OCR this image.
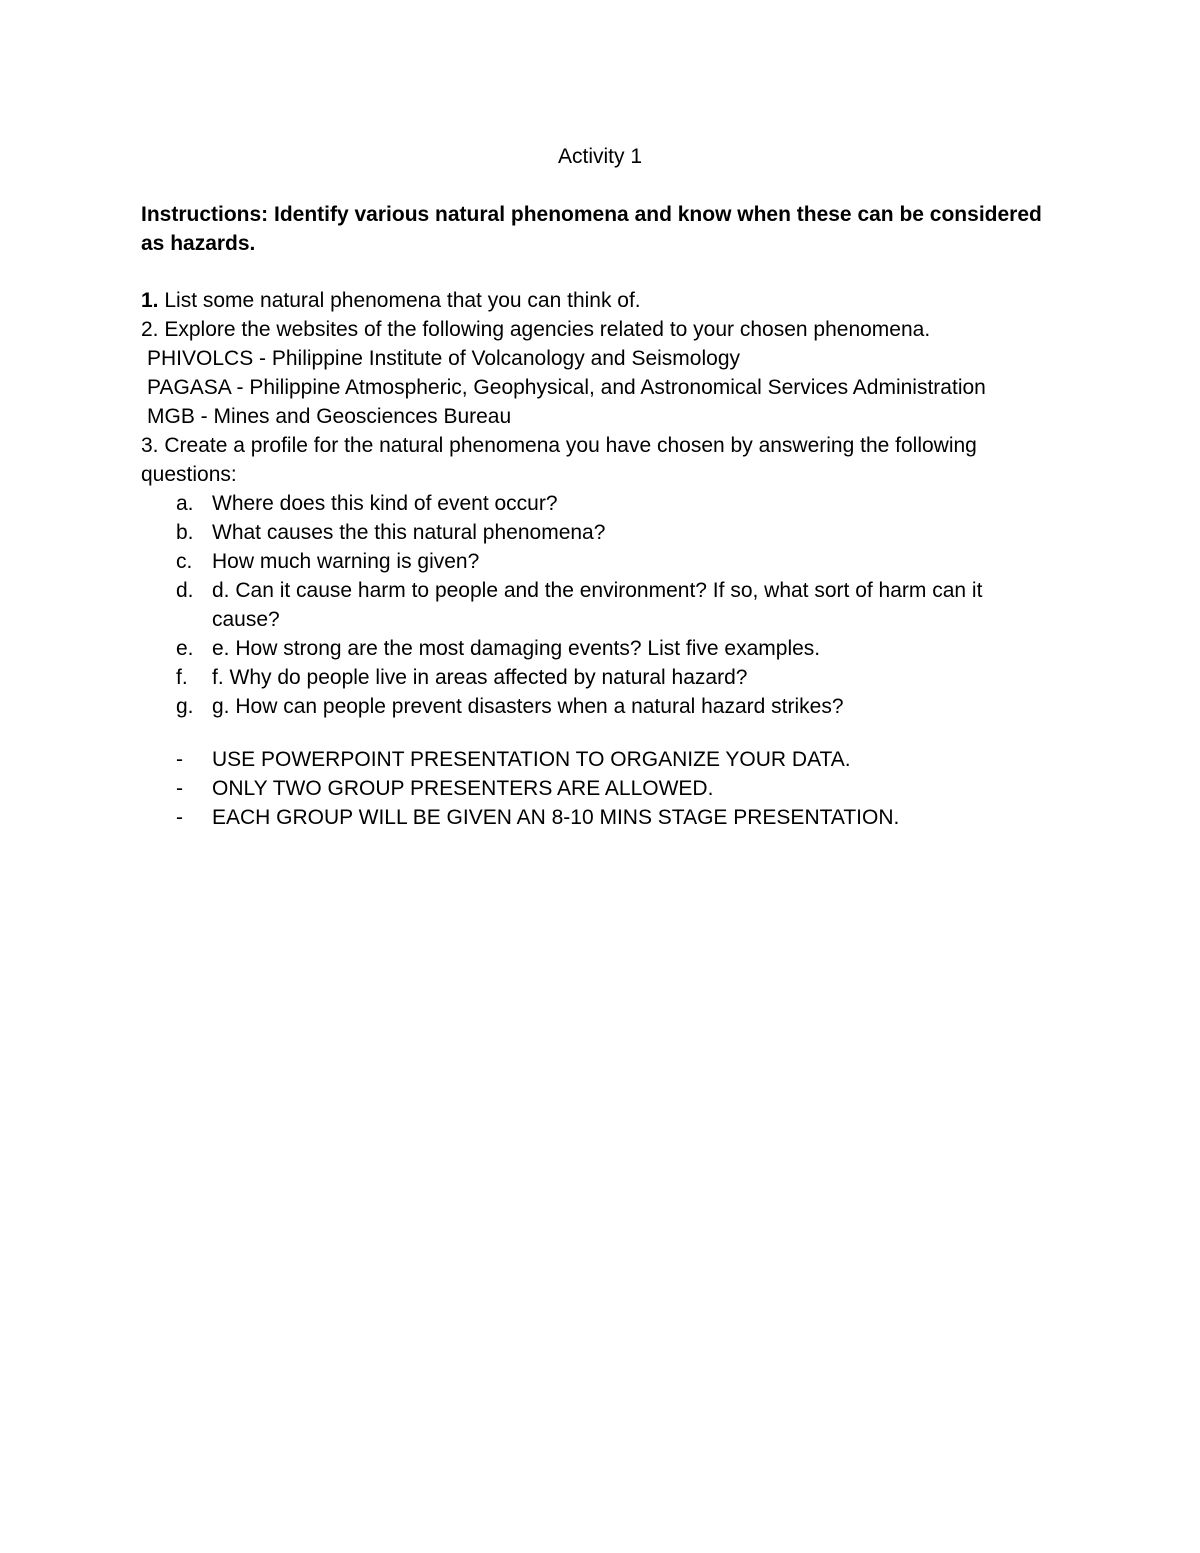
Activity 1

Instructions: Identify various natural phenomena and know when these can be considered as hazards.

1. List some natural phenomena that you can think of.
2. Explore the websites of the following agencies related to your chosen phenomena.
PHIVOLCS - Philippine Institute of Volcanology and Seismology
PAGASA - Philippine Atmospheric, Geophysical, and Astronomical Services Administration
MGB - Mines and Geosciences Bureau
3. Create a profile for the natural phenomena you have chosen by answering the following questions:
a. Where does this kind of event occur?
b. What causes the this natural phenomena?
c. How much warning is given?
d. d. Can it cause harm to people and the environment? If so, what sort of harm can it cause?
e. e. How strong are the most damaging events? List five examples.
f.	f. Why do people live in areas affected by natural hazard?
g. g. How can people prevent disasters when a natural hazard strikes?
-	USE POWERPOINT PRESENTATION TO ORGANIZE YOUR DATA.
-	ONLY TWO GROUP PRESENTERS ARE ALLOWED.
-	EACH GROUP WILL BE GIVEN AN 8-10 MINS STAGE PRESENTATION.
